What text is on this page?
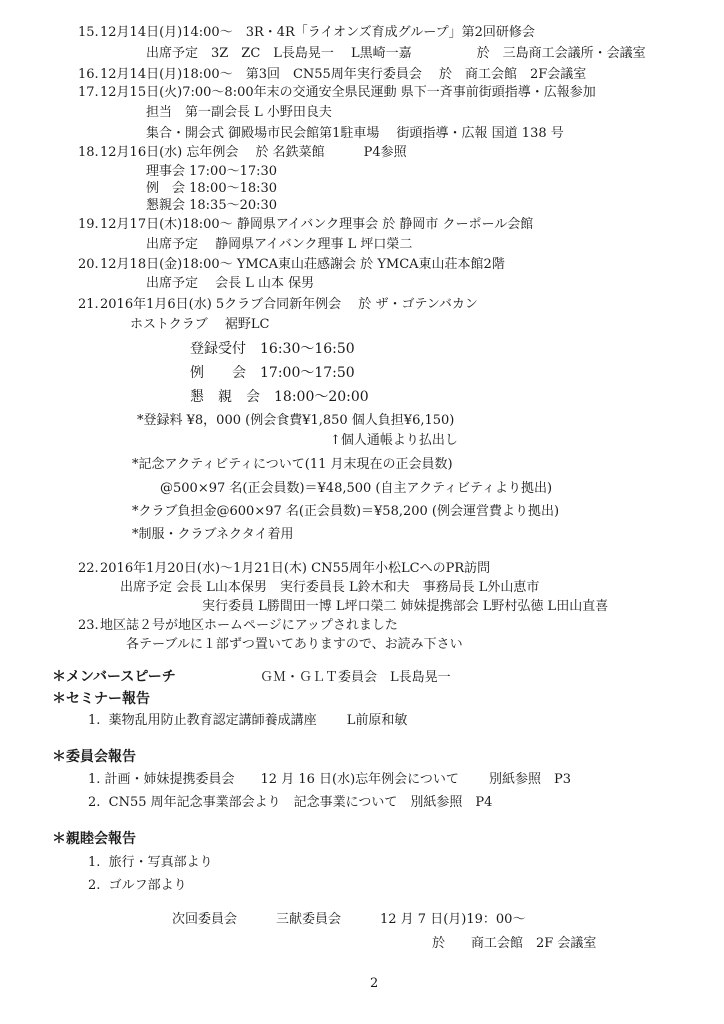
15. 12月14日(月)14:00～　3R・4R「ライオンズ育成グループ」第2回研修会
出席予定　3Z　ZC　L長島晃一　 L黒崎一嘉　　　　　於　三島商工会議所・会議室
16. 12月14日(月)18:00～　第3回　CN55周年実行委員会　 於　商工会館　2F会議室
17. 12月15日(火)7:00～8:00年末の交通安全県民運動 県下一斉事前街頭指導・広報参加
担当　第一副会長 L 小野田良夫
集合・開会式 御殿場市民会館第1駐車場　 街頭指導・広報 国道 138 号
18. 12月16日(水) 忘年例会　 於 名鉄菜館　　　P4参照
理事会 17:00～17:30
例　会 18:00～18:30
懇親会 18:35～20:30
19. 12月17日(木)18:00～ 静岡県アイバンク理事会 於 静岡市 クーポール会館
出席予定　 静岡県アイバンク理事 L 坪口榮二
20. 12月18日(金)18:00～ YMCA東山荘感謝会 於 YMCA東山荘本館2階
出席予定　 会長 L 山本 保男
21. 2016年1月6日(水) 5クラブ合同新年例会　 於 ザ・ゴテンバカン
ホストクラブ　 裾野LC
登録受付　16:30～16:50
例　　会　17:00～17:50
懇　親　会　18:00～20:00
*登録料 ¥8，000 (例会食費¥1,850 個人負担¥6,150)
↑個人通帳より払出し
*記念アクティビティについて(11 月末現在の正会員数)
@500×97 名(正会員数)＝¥48,500 (自主アクティビティより拠出)
*クラブ負担金@600×97 名(正会員数)＝¥58,200 (例会運営費より拠出)
*制服・クラブネクタイ着用
22. 2016年1月20日(水)～1月21日(木) CN55周年小松LCへのPR訪問
出席予定 会長 L山本保男　実行委員長 L鈴木和夫　事務局長 L外山恵市
実行委員 L勝間田一博 L坪口榮二 姉妹提携部会 L野村弘徳 L田山直喜
23. 地区誌２号が地区ホームページにアップされました
各テーブルに１部ずつ置いてありますので、お読み下さい
＊メンバースピーチ	ＧＭ・ＧＬＴ委員会　L長島晃一
＊セミナー報告
1.  薬物乱用防止教育認定講師養成講座　　 L前原和敏
＊委員会報告
1. 計画・姉妹提携委員会　　12 月 16 日(水)忘年例会について　　 別紙参照　P3
2.  CN55 周年記念事業部会より　記念事業について　別紙参照　P4
＊親睦会報告
1.  旅行・写真部より
2.  ゴルフ部より
次回委員会　　　三献委員会　　　12 月 7 日(月)19：00～
於　　商工会館　2F 会議室
2
